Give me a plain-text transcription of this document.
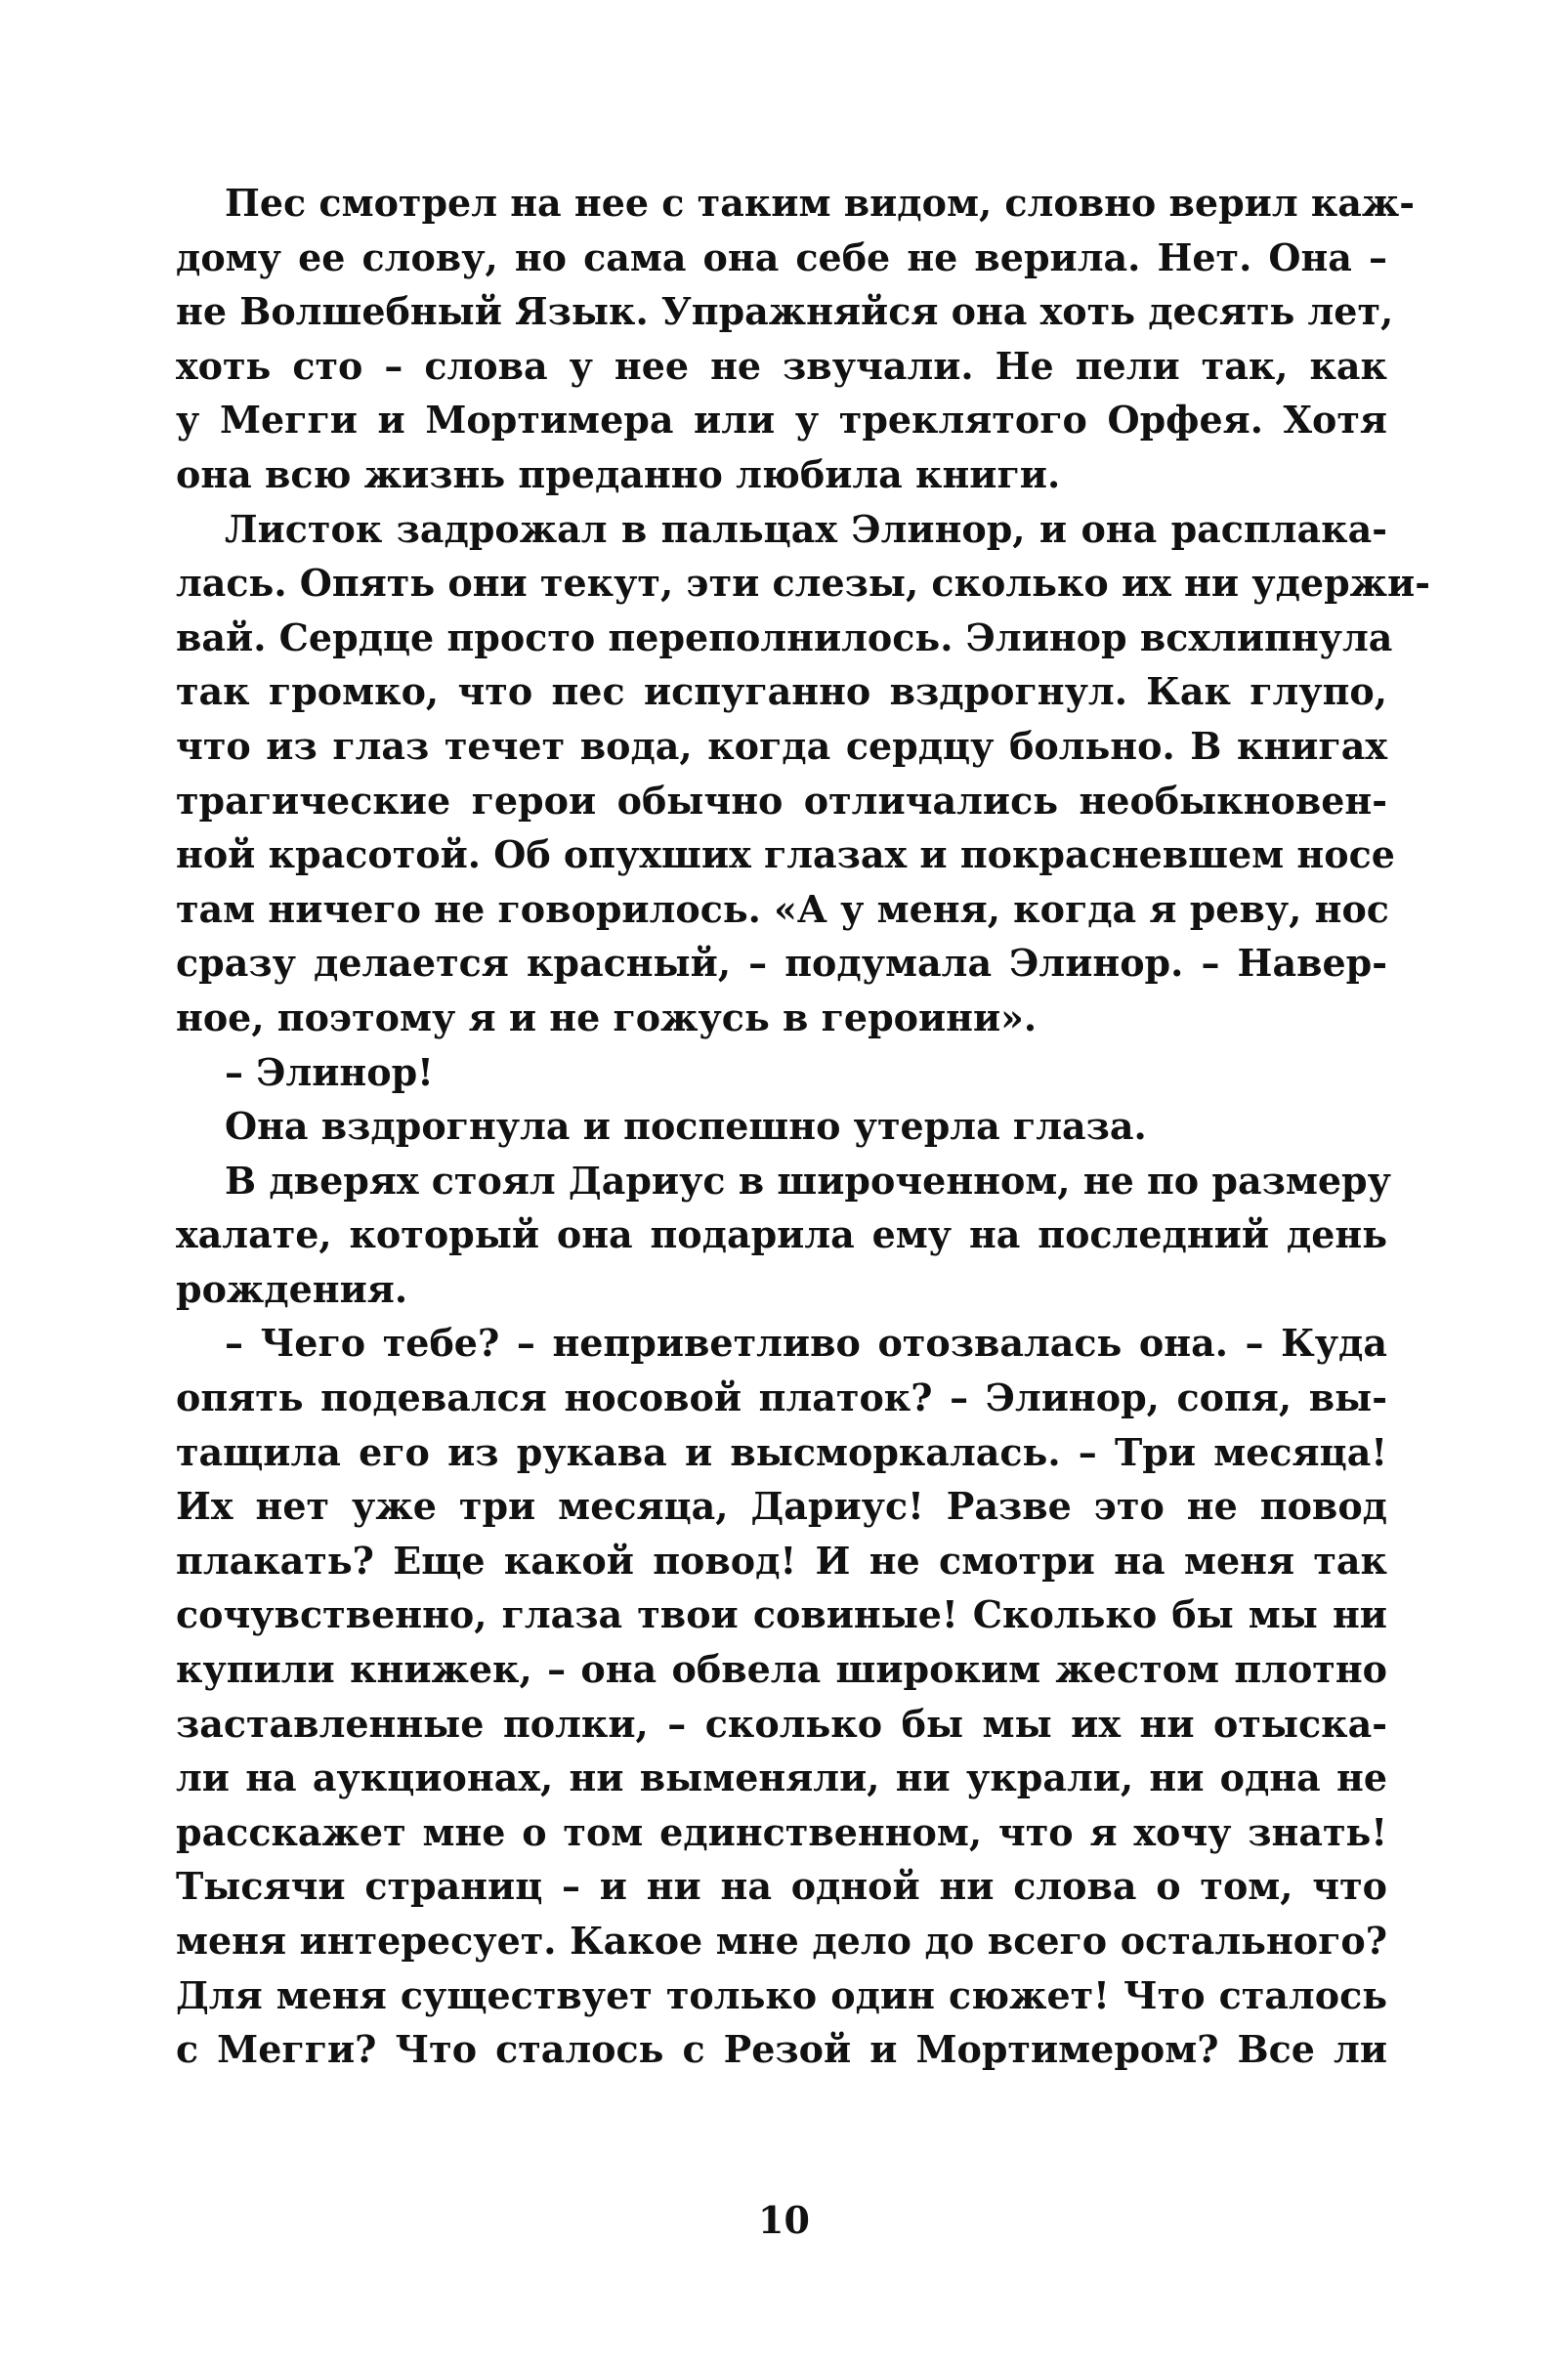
Пес смотрел на нее с таким видом, словно верил каж-
дому ее слову, но сама она себе не верила. Нет. Она –
не Волшебный Язык. Упражняйся она хоть десять лет,
хоть сто – слова у нее не звучали. Не пели так, как
у Мегги и Мортимера или у треклятого Орфея. Хотя
она всю жизнь преданно любила книги.
Листок задрожал в пальцах Элинор, и она расплака-
лась. Опять они текут, эти слезы, сколько их ни удержи-
вай. Сердце просто переполнилось. Элинор всхлипнула
так громко, что пес испуганно вздрогнул. Как глупо,
что из глаз течет вода, когда сердцу больно. В книгах
трагические герои обычно отличались необыкновен-
ной красотой. Об опухших глазах и покрасневшем носе
там ничего не говорилось. «А у меня, когда я реву, нос
сразу делается красный, – подумала Элинор. – Навер-
ное, поэтому я и не гожусь в героини».
– Элинор!
Она вздрогнула и поспешно утерла глаза.
В дверях стоял Дариус в широченном, не по размеру
халате, который она подарила ему на последний день
рождения.
– Чего тебе? – неприветливо отозвалась она. – Куда
опять подевался носовой платок? – Элинор, сопя, вы-
тащила его из рукава и высморкалась. – Три месяца!
Их нет уже три месяца, Дариус! Разве это не повод
плакать? Еще какой повод! И не смотри на меня так
сочувственно, глаза твои совиные! Сколько бы мы ни
купили книжек, – она обвела широким жестом плотно
заставленные полки, – сколько бы мы их ни отыска-
ли на аукционах, ни выменяли, ни украли, ни одна не
расскажет мне о том единственном, что я хочу знать!
Тысячи страниц – и ни на одной ни слова о том, что
меня интересует. Какое мне дело до всего остального?
Для меня существует только один сюжет! Что сталось
с Мегги? Что сталось с Резой и Мортимером? Все ли
10
